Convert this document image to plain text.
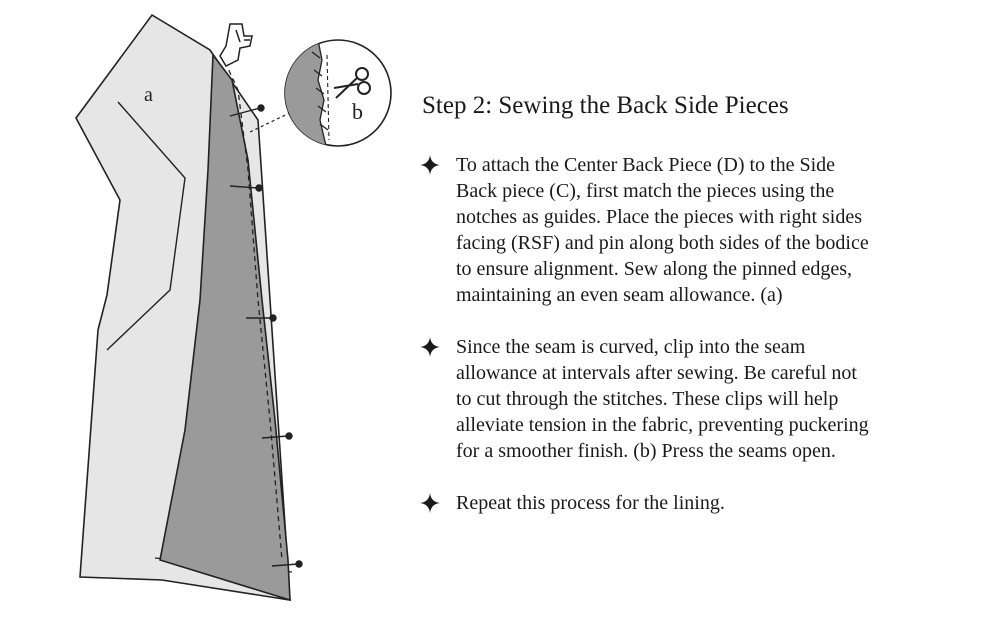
a
b Step 2: Sewing the Back Side Pieces

To attach the Center Back Piece (D) to the Side
Back piece (C), first match the pieces using the
notches as guides. Place the pieces with right sides
facing (RSF) and pin along both sides of the bodice
to ensure alignment. Sew along the pinned edges,
maintaining an even seam allowance. (a)

Since the seam is curved, clip into the seam
allowance at intervals after sewing. Be careful not
to cut through the stitches. These clips will help
alleviate tension in the fabric, preventing puckering
for a smoother finish. (b) Press the seams open.

Repeat this process for the lining.
